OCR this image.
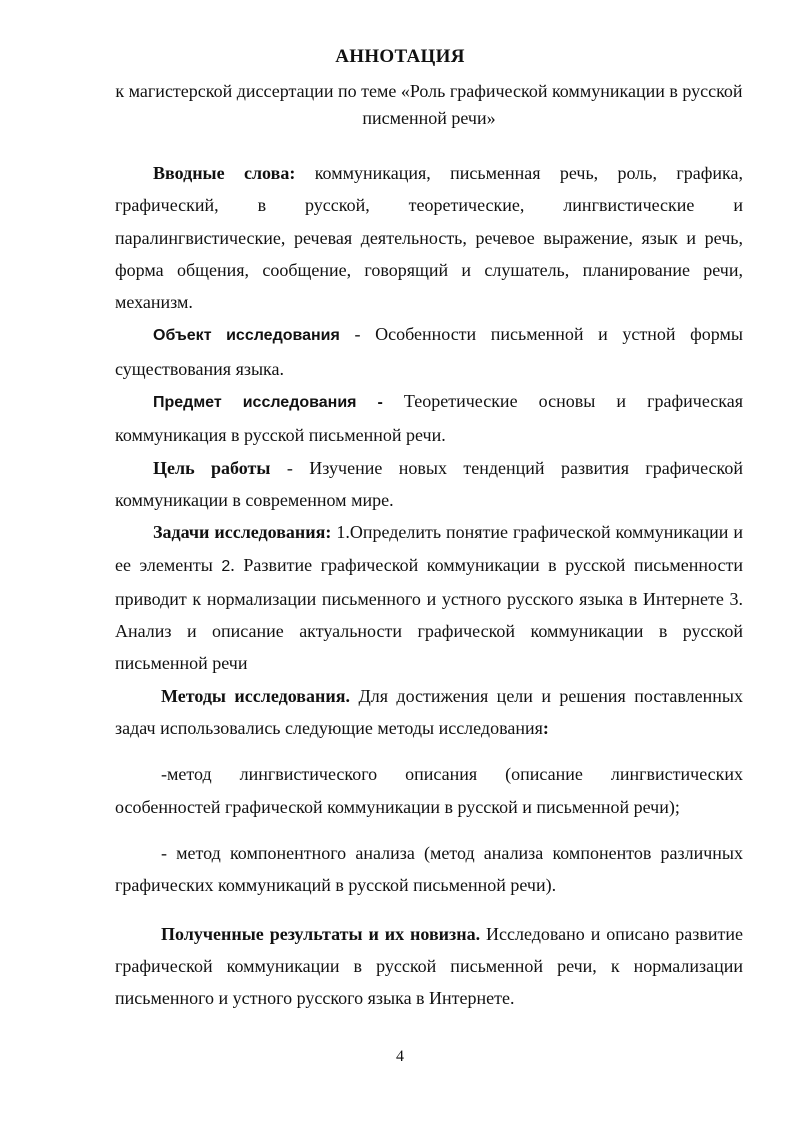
АННОТАЦИЯ
к магистерской диссертации по теме «Роль графической коммуникации в русской писменной речи»

Вводные слова: коммуникация, письменная речь, роль, графика, графический, в русской, теоретические, лингвистические и паралингвистические, речевая деятельность, речевое выражение, язык и речь, форма общения, сообщение, говорящий и слушатель, планирование речи, механизм.

Объект исследования - Особенности письменной и устной формы существования языка.

Предмет исследования - Теоретические основы и графическая коммуникация в русской письменной речи.

Цель работы - Изучение новых тенденций развития графической коммуникации в современном мире.

Задачи исследования: 1.Определить понятие графической коммуникации и ее элементы 2. Развитие графической коммуникации в русской письменности приводит к нормализации письменного и устного русского языка в Интернете 3. Анализ и описание актуальности графической коммуникации в русской письменной речи

Методы исследования. Для достижения цели и решения поставленных задач использовались следующие методы исследования:

-метод лингвистического описания (описание лингвистических особенностей графической коммуникации в русской и письменной речи);

- метод компонентного анализа (метод анализа компонентов различных графических коммуникаций в русской письменной речи).

Полученные результаты и их новизна. Исследовано и описано развитие графической коммуникации в русской письменной речи, к нормализации письменного и устного русского языка в Интернете.

4
